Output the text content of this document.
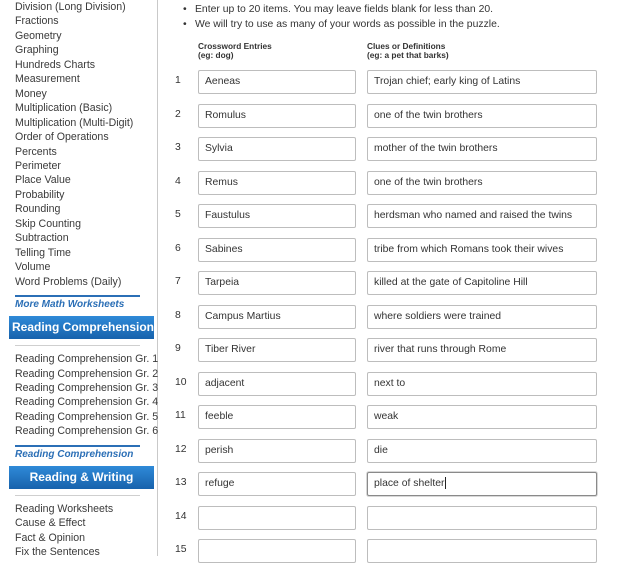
Division (Long Division)
Fractions
Geometry
Graphing
Hundreds Charts
Measurement
Money
Multiplication (Basic)
Multiplication (Multi-Digit)
Order of Operations
Percents
Perimeter
Place Value
Probability
Rounding
Skip Counting
Subtraction
Telling Time
Volume
Word Problems (Daily)
More Math Worksheets
Reading Comprehension
Reading Comprehension Gr. 1
Reading Comprehension Gr. 2
Reading Comprehension Gr. 3
Reading Comprehension Gr. 4
Reading Comprehension Gr. 5
Reading Comprehension Gr. 6
Reading Comprehension
Reading & Writing
Reading Worksheets
Cause & Effect
Fact & Opinion
Fix the Sentences
• Enter up to 20 items. You may leave fields blank for less than 20.
• We will try to use as many of your words as possible in the puzzle.
Crossword Entries
(eg: dog)
Clues or Definitions
(eg: a pet that barks)
1	Aeneas	Trojan chief; early king of Latins
2	Romulus	one of the twin brothers
3	Sylvia	mother of the twin brothers
4	Remus	one of the twin brothers
5	Faustulus	herdsman who named and raised the twins
6	Sabines	tribe from which Romans took their wives
7	Tarpeia	killed at the gate of Capitoline Hill
8	Campus Martius	where soldiers were trained
9	Tiber River	river that runs through Rome
10	adjacent	next to
11	feeble	weak
12	perish	die
13	refuge	place of shelter
14
15
